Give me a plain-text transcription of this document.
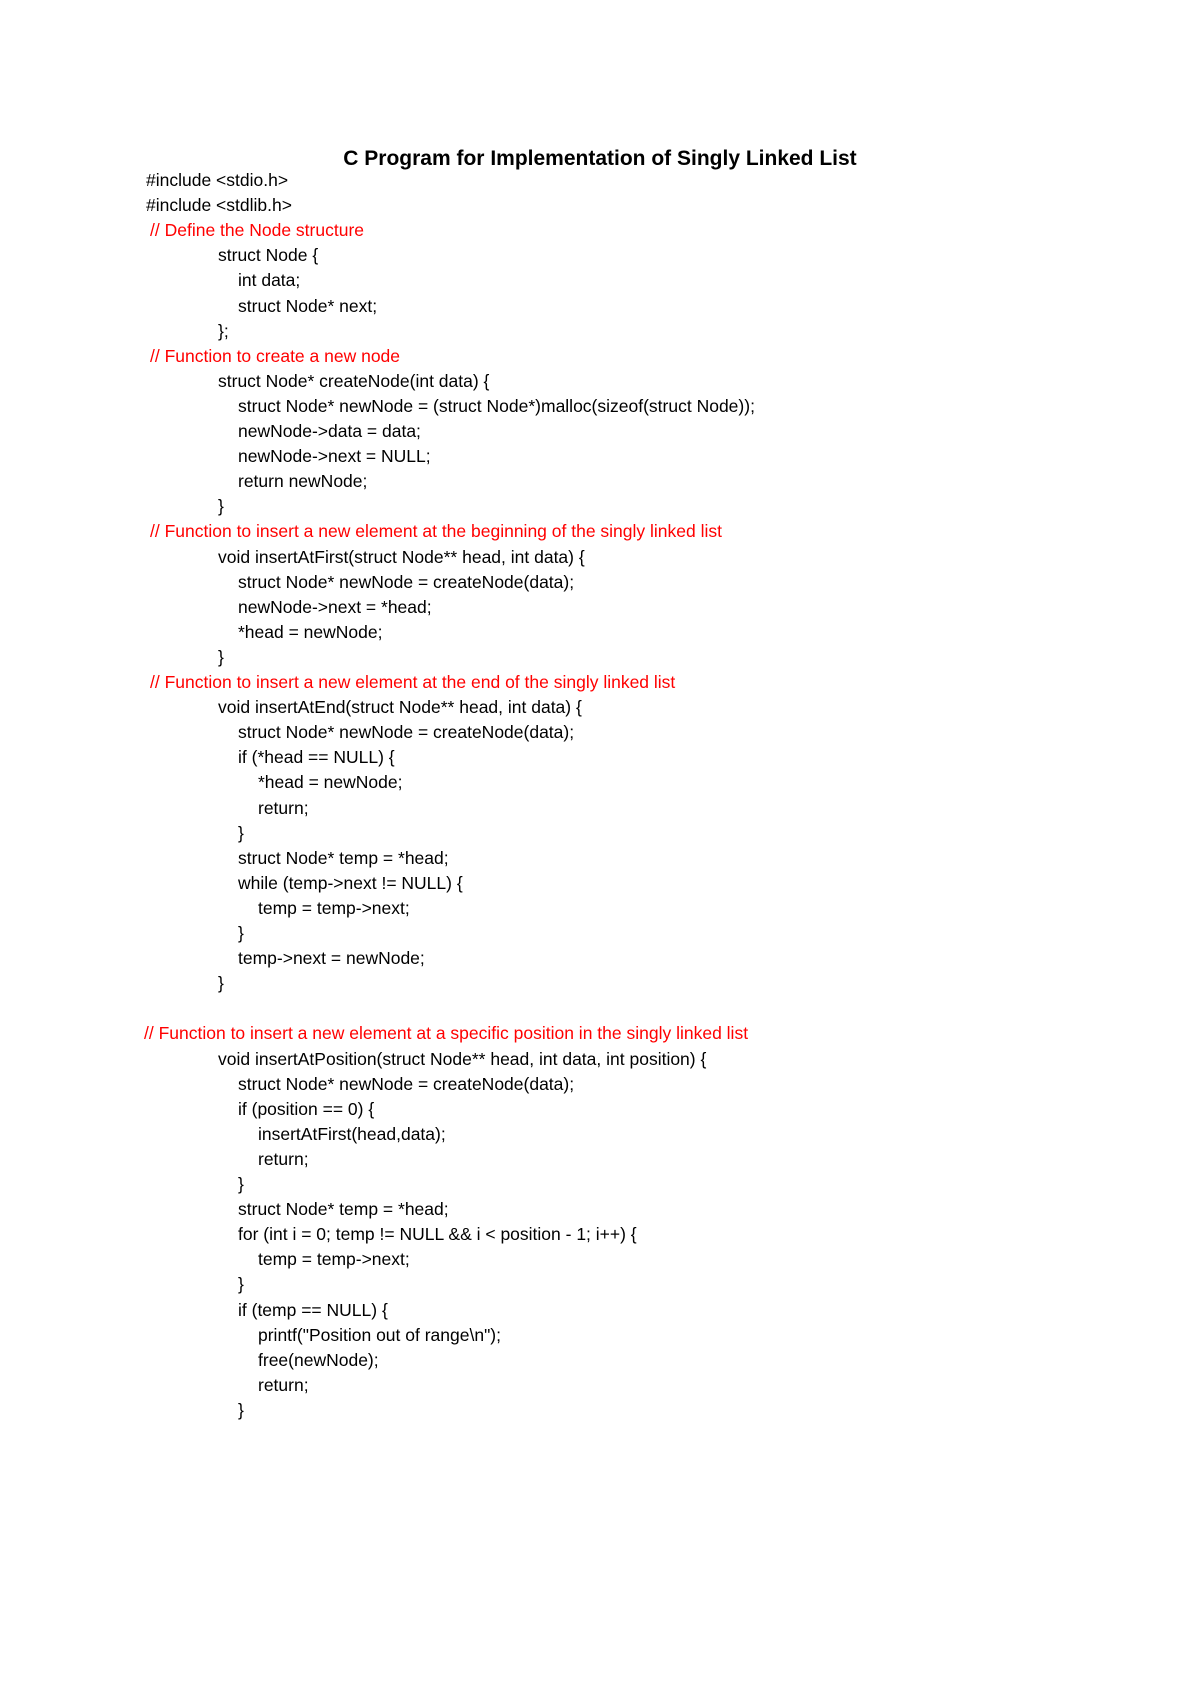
C Program for Implementation of Singly Linked List
#include <stdio.h>
#include <stdlib.h>
// Define the Node structure
struct Node {
int data;
struct Node* next;
};
// Function to create a new node
struct Node* createNode(int data) {
struct Node* newNode = (struct Node*)malloc(sizeof(struct Node));
newNode->data = data;
newNode->next = NULL;
return newNode;
}
// Function to insert a new element at the beginning of the singly linked list
void insertAtFirst(struct Node** head, int data) {
struct Node* newNode = createNode(data);
newNode->next = *head;
*head = newNode;
}
// Function to insert a new element at the end of the singly linked list
void insertAtEnd(struct Node** head, int data) {
struct Node* newNode = createNode(data);
if (*head == NULL) {
*head = newNode;
return;
}
struct Node* temp = *head;
while (temp->next != NULL) {
temp = temp->next;
}
temp->next = newNode;
}
// Function to insert a new element at a specific position in the singly linked list
void insertAtPosition(struct Node** head, int data, int position) {
struct Node* newNode = createNode(data);
if (position == 0) {
insertAtFirst(head,data);
return;
}
struct Node* temp = *head;
for (int i = 0; temp != NULL && i < position - 1; i++) {
temp = temp->next;
}
if (temp == NULL) {
printf("Position out of range\n");
free(newNode);
return;
}
